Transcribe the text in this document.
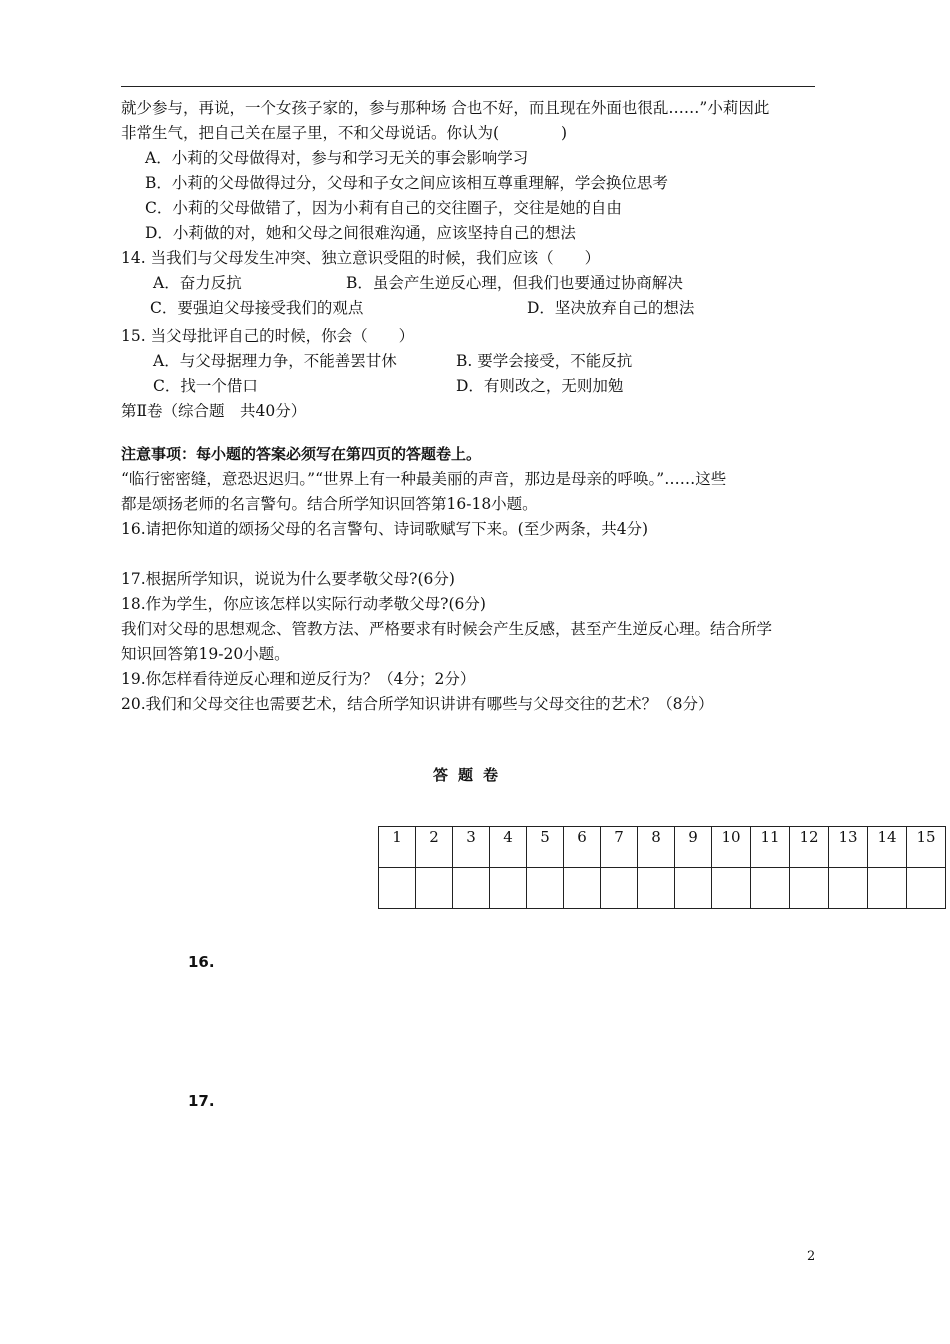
就少参与，再说，一个女孩子家的，参与那种场 合也不好，而且现在外面也很乱……”小莉因此
非常生气，把自己关在屋子里，不和父母说话。你认为(　　　　)
A．小莉的父母做得对，参与和学习无关的事会影响学习
B．小莉的父母做得过分，父母和子女之间应该相互尊重理解，学会换位思考
C．小莉的父母做错了，因为小莉有自己的交往圈子，交往是她的自由
D．小莉做的对，她和父母之间很难沟通，应该坚持自己的想法
14. 当我们与父母发生冲突、独立意识受阻的时候，我们应该（　　）
A．奋力反抗	B．虽会产生逆反心理，但我们也要通过协商解决
C．要强迫父母接受我们的观点	D．坚决放弃自己的想法
15. 当父母批评自己的时候，你会（　　）
A．与父母据理力争，不能善罢甘休	B. 要学会接受，不能反抗
C．找一个借口	D．有则改之，无则加勉
第Ⅱ卷（综合题　共40分）
注意事项：每小题的答案必须写在第四页的答题卷上。
“临行密密缝，意恐迟迟归。”“世界上有一种最美丽的声音，那边是母亲的呼唤。”……这些
都是颂扬老师的名言警句。结合所学知识回答第16-18小题。
16.请把你知道的颂扬父母的名言警句、诗词歌赋写下来。(至少两条，共4分)
17.根据所学知识，说说为什么要孝敬父母?(6分)
18.作为学生，你应该怎样以实际行动孝敬父母?(6分)
我们对父母的思想观念、管教方法、严格要求有时候会产生反感，甚至产生逆反心理。结合所学
知识回答第19-20小题。
19.你怎样看待逆反心理和逆反行为？（4分；2分）
20.我们和父母交往也需要艺术，结合所学知识讲讲有哪些与父母交往的艺术？（8分）
答题卷
1	2	3	4	5	6	7	8	9	10	11	12	13	14	15

16.
17.
2
